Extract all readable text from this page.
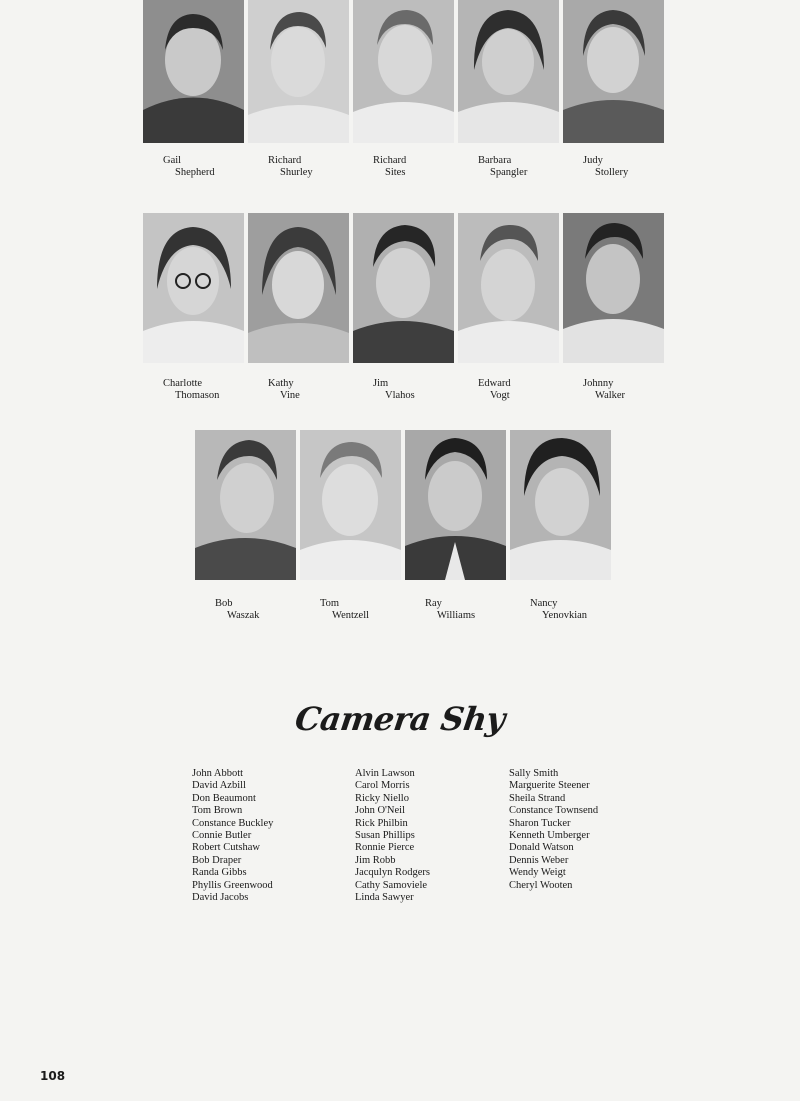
Gail
Shepherd
Richard
Shurley
Richard
Sites
Barbara
Spangler
Judy
Stollery
Charlotte
Thomason
Kathy
Vine
Jim
Vlahos
Edward
Vogt
Johnny
Walker
Bob
Waszak
Tom
Wentzell
Ray
Williams
Nancy
Yenovkian
Camera Shy
John Abbott
David Azbill
Don Beaumont
Tom Brown
Constance Buckley
Connie Butler
Robert Cutshaw
Bob Draper
Randa Gibbs
Phyllis Greenwood
David Jacobs
Alvin Lawson
Carol Morris
Ricky Niello
John O'Neil
Rick Philbin
Susan Phillips
Ronnie Pierce
Jim Robb
Jacqulyn Rodgers
Cathy Samoviele
Linda Sawyer
Sally Smith
Marguerite Steener
Sheila Strand
Constance Townsend
Sharon Tucker
Kenneth Umberger
Donald Watson
Dennis Weber
Wendy Weigt
Cheryl Wooten
108
